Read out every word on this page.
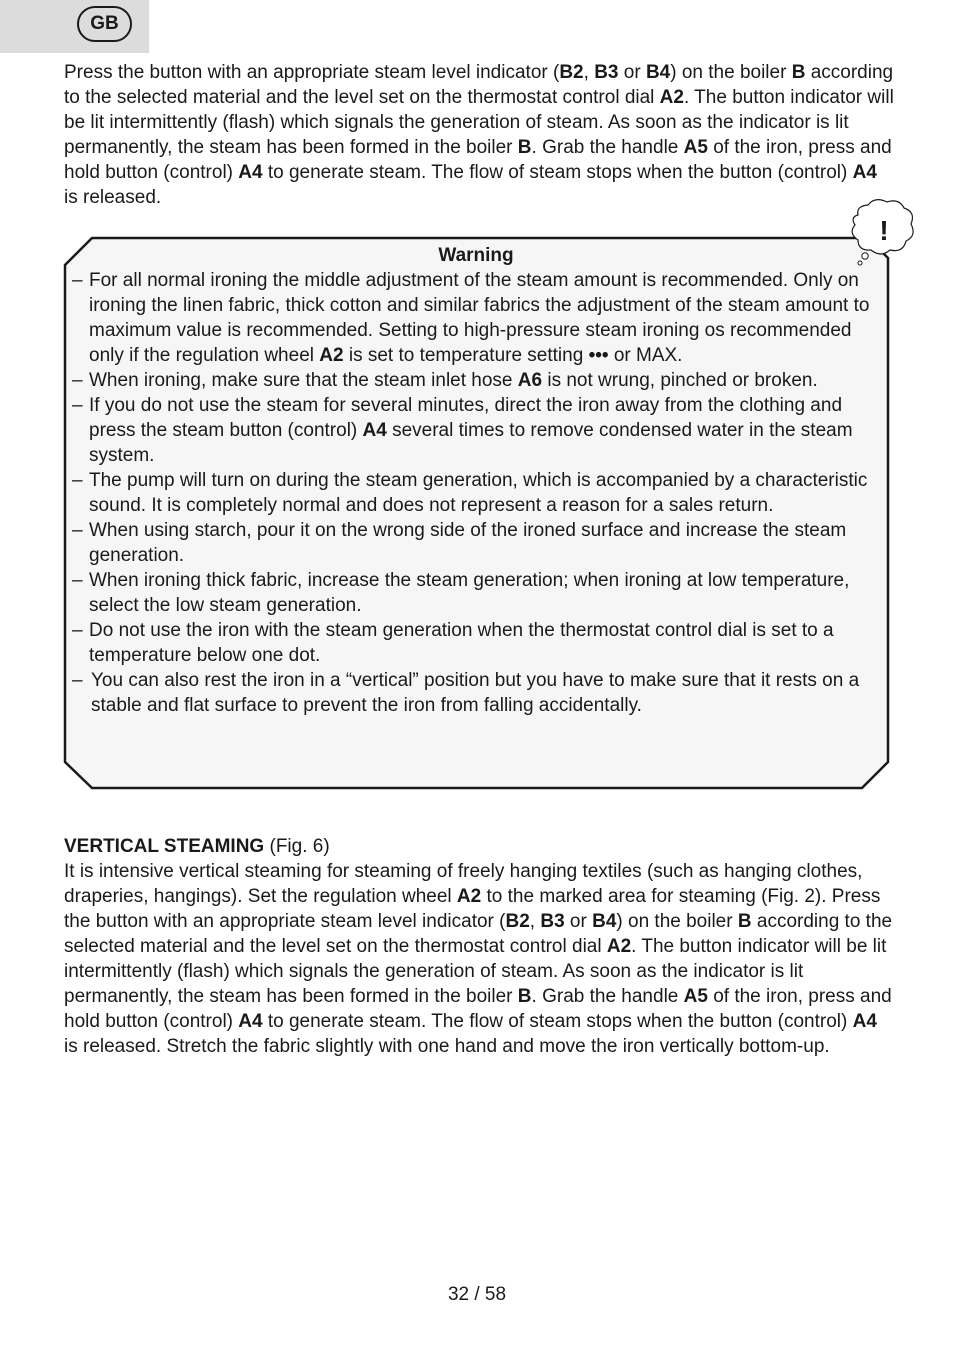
GB

Press the button with an appropriate steam level indicator (B2, B3 or B4) on the boiler B according to the selected material and the level set on the thermostat control dial A2. The button indicator will be lit intermittently (flash) which signals the generation of steam. As soon as the indicator is lit permanently, the steam has been formed in the boiler B. Grab the handle A5 of the iron, press and hold button (control) A4 to generate steam. The flow of steam stops when the button (control) A4 is released.

!
Warning
– For all normal ironing the middle adjustment of the steam amount is recommended. Only on ironing the linen fabric, thick cotton and similar fabrics the adjustment of the steam amount to maximum value is recommended. Setting to high-pressure steam ironing os recommended only if the regulation wheel A2 is set to temperature setting ••• or MAX.
– When ironing, make sure that the steam inlet hose A6 is not wrung, pinched or broken.
– If you do not use the steam for several minutes, direct the iron away from the clothing and press the steam button (control) A4 several times to remove condensed water in the steam system.
– The pump will turn on during the steam generation, which is accompanied by a characteristic sound. It is completely normal and does not represent a reason for a sales return.
– When using starch, pour it on the wrong side of the ironed surface and increase the steam generation.
– When ironing thick fabric, increase the steam generation; when ironing at low temperature, select the low steam generation.
– Do not use the iron with the steam generation when the thermostat control dial is set to a temperature below one dot.
– You can also rest the iron in a “vertical” position but you have to make sure that it rests on a stable and flat surface to prevent the iron from falling accidentally.

VERTICAL STEAMING (Fig. 6)
It is intensive vertical steaming for steaming of freely hanging textiles (such as hanging clothes, draperies, hangings). Set the regulation wheel A2 to the marked area for steaming (Fig. 2). Press the button with an appropriate steam level indicator (B2, B3 or B4) on the boiler B according to the selected material and the level set on the thermostat control dial A2. The button indicator will be lit intermittently (flash) which signals the generation of steam. As soon as the indicator is lit permanently, the steam has been formed in the boiler B. Grab the handle A5 of the iron, press and hold button (control) A4 to generate steam. The flow of steam stops when the button (control) A4 is released. Stretch the fabric slightly with one hand and move the iron vertically bottom-up.

32 / 58
